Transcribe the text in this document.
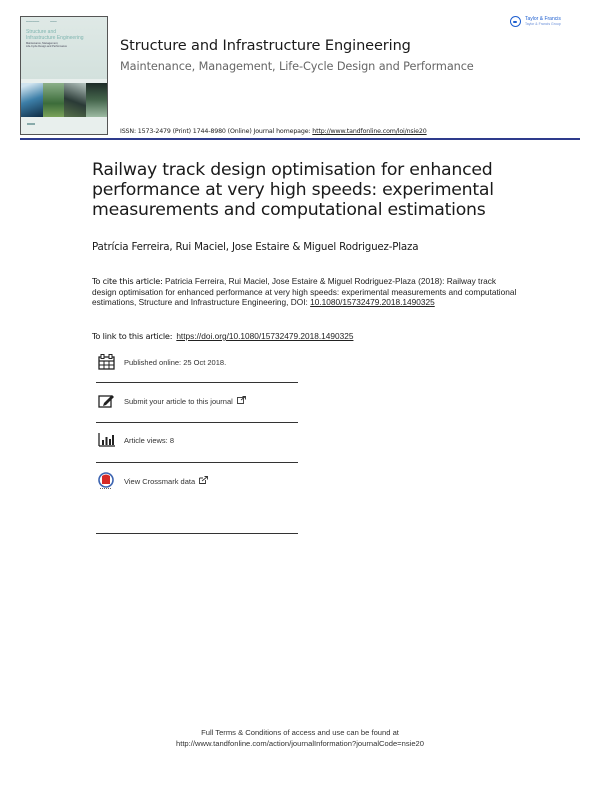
▬▬▬▬▬▬                  ▬▬▬
Structure and
Infrastructure Engineering
Maintenance, Management,
Life-Cycle Design and Performance
Taylor & Francis
Taylor & Francis Group
Structure and Infrastructure Engineering
Maintenance, Management, Life-Cycle Design and Performance
ISSN: 1573-2479 (Print) 1744-8980 (Online) Journal homepage: http://www.tandfonline.com/loi/nsie20
Railway track design optimisation for enhanced performance at very high speeds: experimental measurements and computational estimations
Patrícia Ferreira, Rui Maciel, Jose Estaire & Miguel Rodriguez-Plaza
To cite this article: Patricia Ferreira, Rui Maciel, Jose Estaire & Miguel Rodriguez-Plaza (2018): Railway track design optimisation for enhanced performance at very high speeds: experimental measurements and computational estimations, Structure and Infrastructure Engineering, DOI: 10.1080/15732479.2018.1490325
To link to this article: https://doi.org/10.1080/15732479.2018.1490325
Published online: 25 Oct 2018.
Submit your article to this journal
Article views: 8
View Crossmark data
Full Terms & Conditions of access and use can be found at
http://www.tandfonline.com/action/journalInformation?journalCode=nsie20
